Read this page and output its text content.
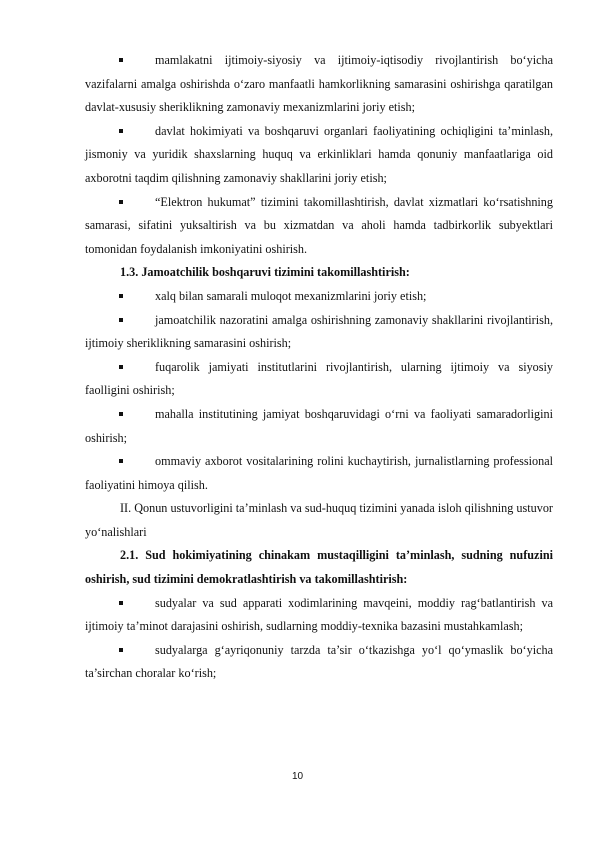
mamlakatni ijtimoiy-siyosiy va ijtimoiy-iqtisodiy rivojlantirish bo‘yicha vazifalarni amalga oshirishda o‘zaro manfaatli hamkorlikning samarasini oshirishga qaratilgan davlat-xususiy sheriklikning zamonaviy mexanizmlarini joriy etish;

davlat hokimiyati va boshqaruvi organlari faoliyatining ochiqligini ta’minlash, jismoniy va yuridik shaxslarning huquq va erkinliklari hamda qonuniy manfaatlariga oid axborotni taqdim qilishning zamonaviy shakllarini joriy etish;

“Elektron hukumat” tizimini takomillashtirish, davlat xizmatlari ko‘rsatishning samarasi, sifatini yuksaltirish va bu xizmatdan va aholi hamda tadbirkorlik subyektlari tomonidan foydalanish imkoniyatini oshirish.

1.3. Jamoatchilik boshqaruvi tizimini takomillashtirish:

xalq bilan samarali muloqot mexanizmlarini joriy etish;

jamoatchilik nazoratini amalga oshirishning zamonaviy shakllarini rivojlantirish, ijtimoiy sheriklikning samarasini oshirish;

fuqarolik jamiyati institutlarini rivojlantirish, ularning ijtimoiy va siyosiy faolligini oshirish;

mahalla institutining jamiyat boshqaruvidagi o‘rni va faoliyati samaradorligini oshirish;

ommaviy axborot vositalarining rolini kuchaytirish, jurnalistlarning professional faoliyatini himoya qilish.

II. Qonun ustuvorligini ta’minlash va sud-huquq tizimini yanada isloh qilishning ustuvor yo‘nalishlari

2.1. Sud hokimiyatining chinakam mustaqilligini ta’minlash, sudning nufuzini oshirish, sud tizimini demokratlashtirish va takomillashtirish:

sudyalar va sud apparati xodimlarining mavqeini, moddiy rag‘batlantirish va ijtimoiy ta’minot darajasini oshirish, sudlarning moddiy-texnika bazasini mustahkamlash;

sudyalarga g‘ayriqonuniy tarzda ta’sir o‘tkazishga yo‘l qo‘ymaslik bo‘yicha ta’sirchan choralar ko‘rish;

10
